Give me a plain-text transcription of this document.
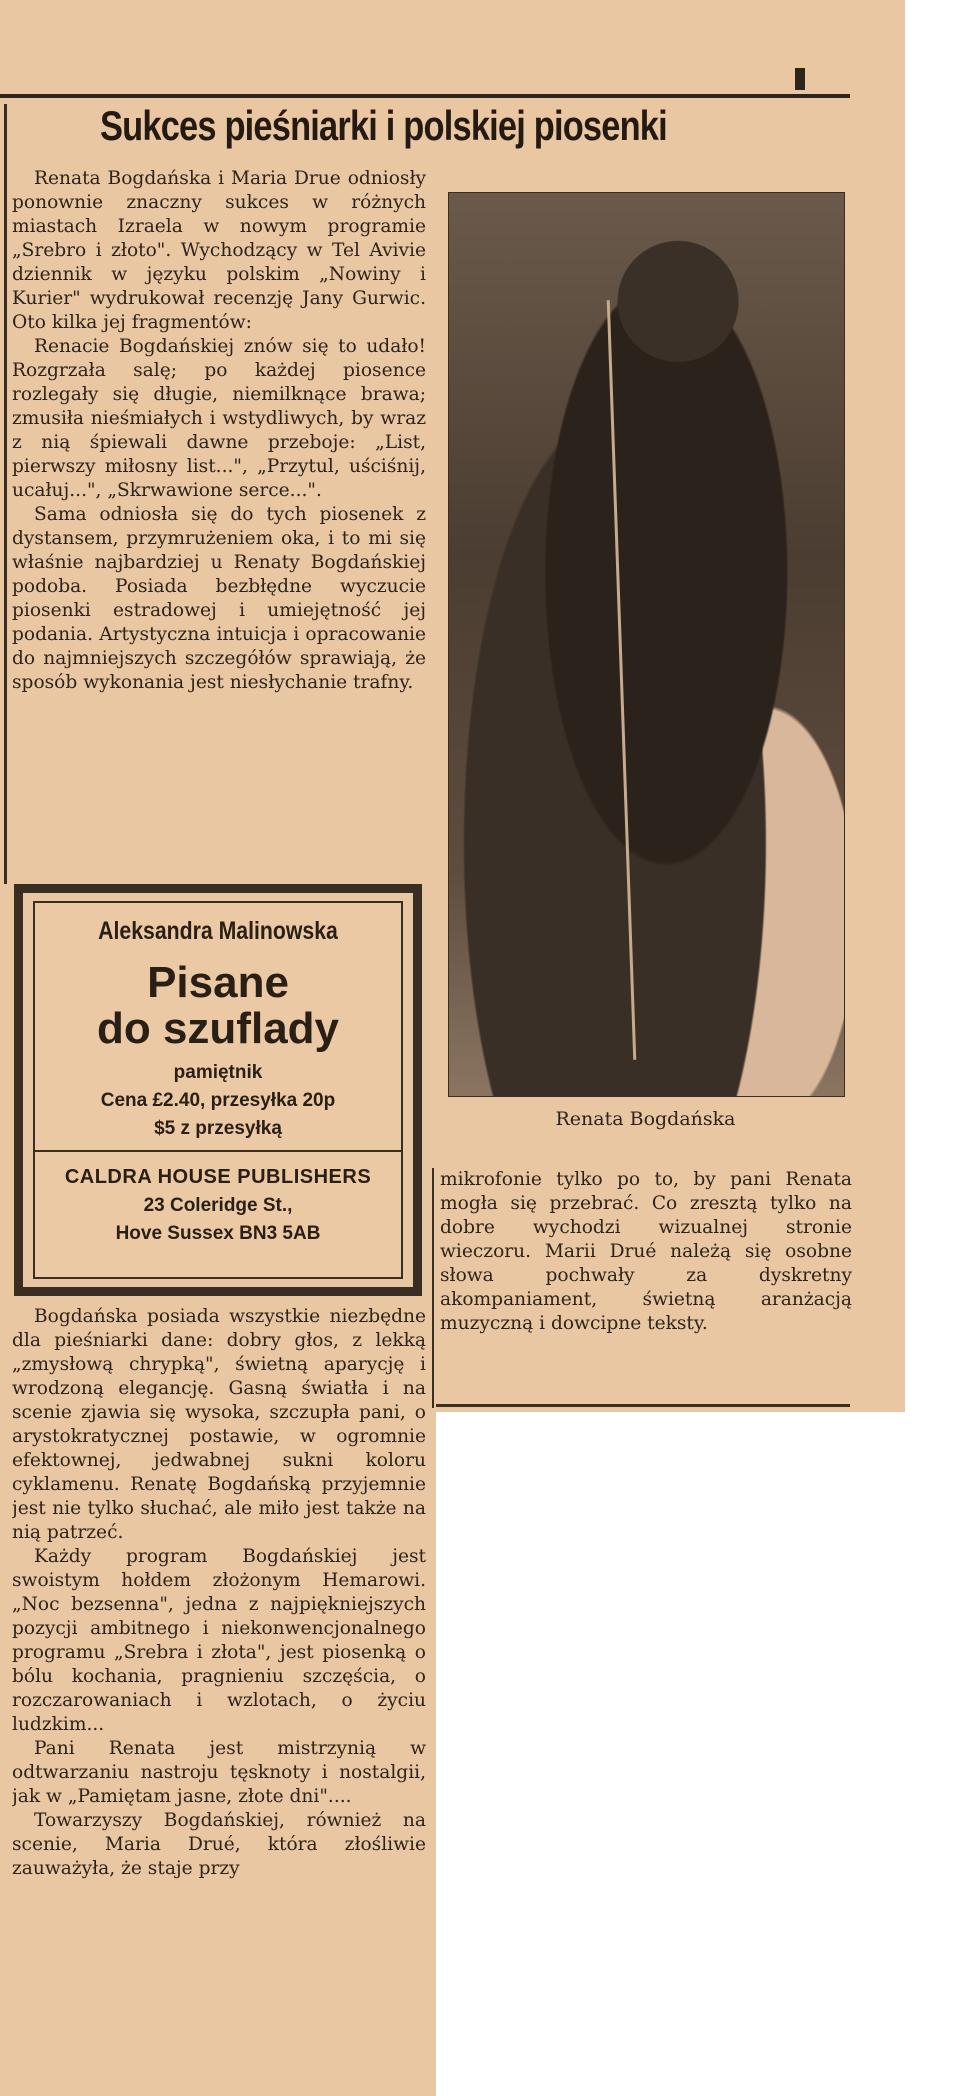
Sukces pieśniarki i polskiej piosenki

Renata Bogdańska i Maria Drue odniosły ponownie znaczny sukces w różnych miastach Izraela w nowym programie „Srebro i złoto". Wychodzący w Tel Avivie dziennik w języku polskim „Nowiny i Kurier" wydrukował recenzję Jany Gurwic. Oto kilka jej fragmentów:

Renacie Bogdańskiej znów się to udało! Rozgrzała salę; po każdej piosence rozlegały się długie, niemilknące brawa; zmusiła nieśmiałych i wstydliwych, by wraz z nią śpiewali dawne przeboje: „List, pierwszy miłosny list...", „Przytul, uściśnij, ucałuj...", „Skrwawione serce...".

Sama odniosła się do tych piosenek z dystansem, przymrużeniem oka, i to mi się właśnie najbardziej u Renaty Bogdańskiej podoba. Posiada bezbłędne wyczucie piosenki estradowej i umiejętność jej podania. Artystyczna intuicja i opracowanie do najmniejszych szczegółów sprawiają, że sposób wykonania jest niesłychanie trafny.

Renata Bogdańska
Aleksandra Malinowska
Pisane
do szuflady
pamiętnik
Cena £2.40, przesyłka 20p
$5 z przesyłką
CALDRA HOUSE PUBLISHERS
23 Coleridge St.,
Hove Sussex BN3 5AB

Bogdańska posiada wszystkie niezbędne dla pieśniarki dane: dobry głos, z lekką „zmysłową chrypką", świetną aparycję i wrodzoną elegancję. Gasną światła i na scenie zjawia się wysoka, szczupła pani, o arystokratycznej postawie, w ogromnie efektownej, jedwabnej sukni koloru cyklamenu. Renatę Bogdańską przyjemnie jest nie tylko słuchać, ale miło jest także na nią patrzeć.

Każdy program Bogdańskiej jest swoistym hołdem złożonym Hemarowi. „Noc bezsenna", jedna z najpiękniejszych pozycji ambitnego i niekonwencjonalnego programu „Srebra i złota", jest piosenką o bólu kochania, pragnieniu szczęścia, o rozczarowaniach i wzlotach, o życiu ludzkim...

Pani Renata jest mistrzynią w odtwarzaniu nastroju tęsknoty i nostalgii, jak w „Pamiętam jasne, złote dni"....

Towarzyszy Bogdańskiej, również na scenie, Maria Drué, która złośliwie zauważyła, że staje przy

mikrofonie tylko po to, by pani Renata mogła się przebrać. Co zresztą tylko na dobre wychodzi wizualnej stronie wieczoru. Marii Drué należą się osobne słowa pochwały za dyskretny akompaniament, świetną aranżacją muzyczną i dowcipne teksty.
